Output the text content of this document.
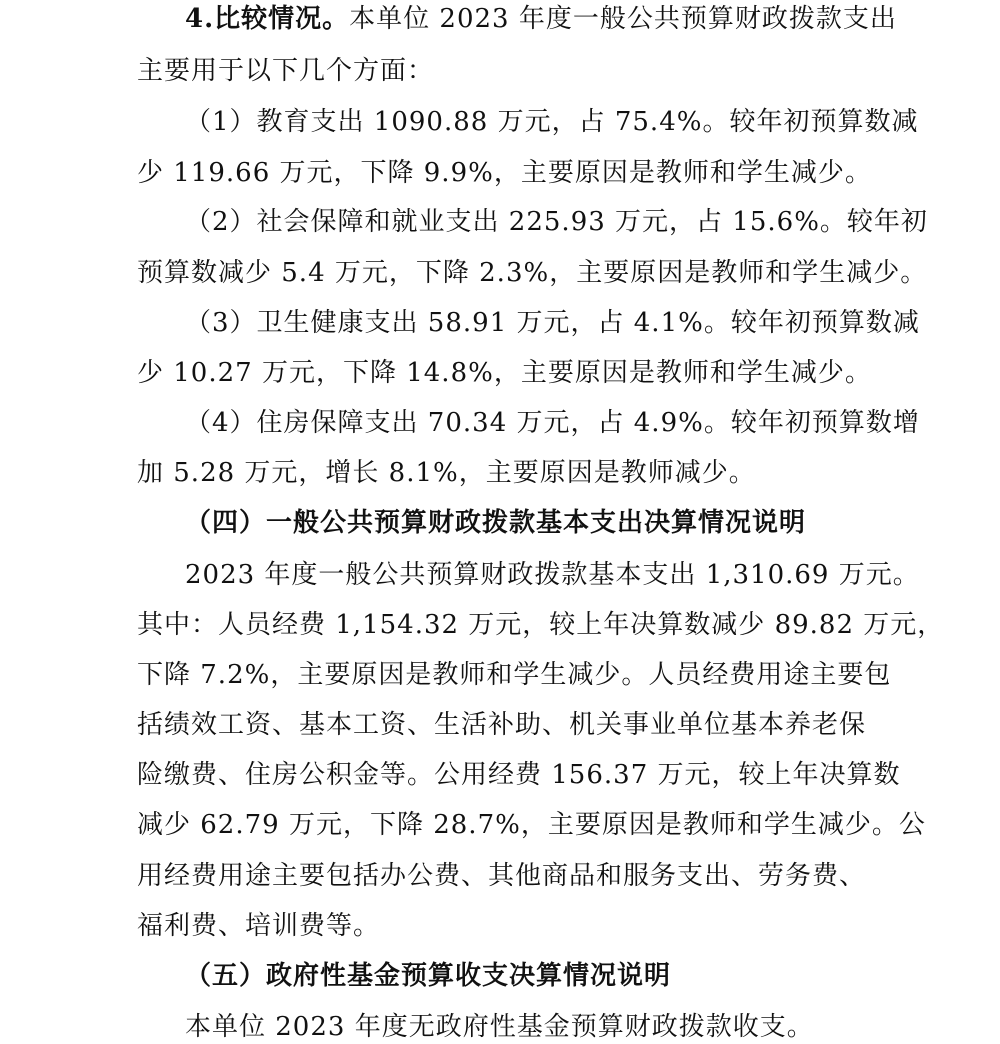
4.比较情况。本单位 2023 年度一般公共预算财政拨款支出
主要用于以下几个方面：
（1）教育支出 1090.88 万元，占 75.4%。较年初预算数减
少 119.66 万元，下降 9.9%，主要原因是教师和学生减少。
（2）社会保障和就业支出 225.93 万元，占 15.6%。较年初
预算数减少 5.4 万元，下降 2.3%，主要原因是教师和学生减少。
（3）卫生健康支出 58.91 万元，占 4.1%。较年初预算数减
少 10.27 万元，下降 14.8%，主要原因是教师和学生减少。
（4）住房保障支出 70.34 万元，占 4.9%。较年初预算数增
加 5.28 万元，增长 8.1%，主要原因是教师减少。
（四）一般公共预算财政拨款基本支出决算情况说明
2023 年度一般公共预算财政拨款基本支出 1,310.69 万元。
其中：人员经费 1,154.32 万元，较上年决算数减少 89.82 万元，
下降 7.2%，主要原因是教师和学生减少。人员经费用途主要包
括绩效工资、基本工资、生活补助、机关事业单位基本养老保
险缴费、住房公积金等。公用经费 156.37 万元，较上年决算数
减少 62.79 万元，下降 28.7%，主要原因是教师和学生减少。公
用经费用途主要包括办公费、其他商品和服务支出、劳务费、
福利费、培训费等。
（五）政府性基金预算收支决算情况说明
本单位 2023 年度无政府性基金预算财政拨款收支。
